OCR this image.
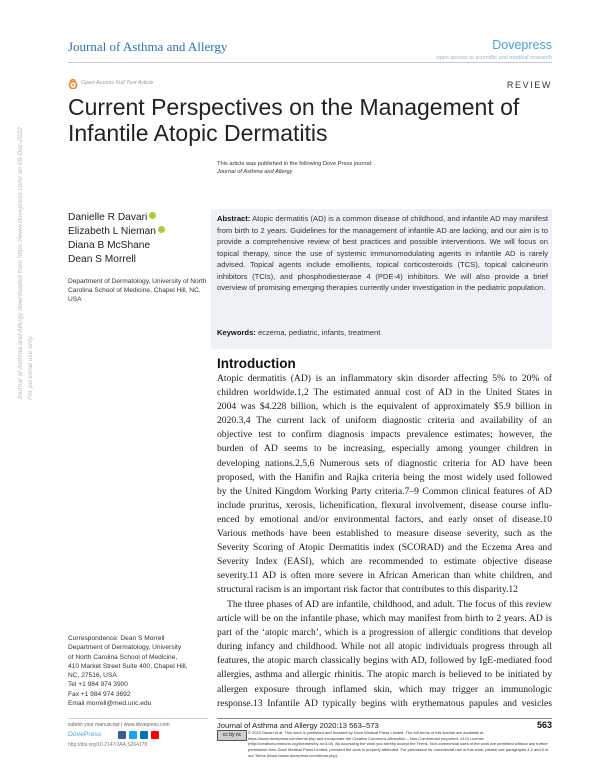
Journal of Asthma and Allergy	Dovepress
open access to scientific and medical research
Open Access Full Text Article	REVIEW
Current Perspectives on the Management of Infantile Atopic Dermatitis
This article was published in the following Dove Press journal:
Journal of Asthma and Allergy
Journal of Asthma and Allergy downloaded from https://www.dovepress.com/ on 09-Dec-2022 For personal use only.
Danielle R Davari
Elizabeth L Nieman
Diana B McShane
Dean S Morrell
Department of Dermatology, University of North Carolina School of Medicine, Chapel Hill, NC, USA
Abstract: Atopic dermatitis (AD) is a common disease of childhood, and infantile AD may manifest from birth to 2 years. Guidelines for the management of infantile AD are lacking, and our aim is to provide a comprehensive review of best practices and possible interventions. We will focus on topical therapy, since the use of systemic immunomodulating agents in infantile AD is rarely advised. Topical agents include emollients, topical corticosteroids (TCS), topical calcineurin inhibitors (TCIs), and phosphodiesterase 4 (PDE-4) inhibitors. We will also provide a brief overview of promising emerging therapies currently under investigation in the pediatric population.
Keywords: eczema, pediatric, infants, treatment
Introduction

Atopic dermatitis (AD) is an inflammatory skin disorder affecting 5% to 20% of
children worldwide.1,2 The estimated annual cost of AD in the United States in
2004 was $4.228 billion, which is the equivalent of approximately $5.9 billion in
2020.3,4 The current lack of uniform diagnostic criteria and availability of an
objective test to confirm diagnosis impacts prevalence estimates; however, the
burden of AD seems to be increasing, especially among younger children in
developing nations.2,5,6 Numerous sets of diagnostic criteria for AD have been
proposed, with the Hanifin and Rajka criteria being the most widely used followed
by the United Kingdom Working Party criteria.7–9 Common clinical features of AD
include pruritus, xerosis, lichenification, flexural involvement, disease course influ-
enced by emotional and/or environmental factors, and early onset of disease.10
Various methods have been established to measure disease severity, such as the
Severity Scoring of Atopic Dermatitis index (SCORAD) and the Eczema Area and
Severity Index (EASI), which are recommended to estimate objective disease
severity.11 AD is often more severe in African American than white children, and
structural racism is an important risk factor that contributes to this disparity.12

The three phases of AD are infantile, childhood, and adult. The focus of this review
article will be on the infantile phase, which may manifest from birth to 2 years. AD is
part of the ‘atopic march’, which is a progression of allergic conditions that develop
during infancy and childhood. While not all atopic individuals progress through all
features, the atopic march classically begins with AD, followed by IgE-mediated food
allergies, asthma and allergic rhinitis. The atopic march is believed to be initiated by
allergen exposure through inflamed skin, which may trigger an immunologic
response.13 Infantile AD typically begins with erythematous papules and vesicles

Correspondence: Dean S Morrell
Department of Dermatology, University
of North Carolina School of Medicine,
410 Market Street Suite 400, Chapel Hill,
NC, 27516, USA
Tel +1 984 974 3900
Fax +1 984 974 3692
Email morrell@med.unc.edu
submit your manuscript | www.dovepress.com
DovePress
http://doi.org/10.2147/JAA.S264178
Journal of Asthma and Allergy 2020:13 563–573	563
cc by nc	© 2020 Davari et al. This work is published and licensed by Dove Medical Press Limited. The full terms of this license are available at https://www.dovepress.com/terms.php and incorporate the Creative Commons Attribution – Non Commercial (unported, v3.0) License (http://creativecommons.org/licenses/by-nc/3.0/). By accessing the work you hereby accept the Terms. Non-commercial uses of the work are permitted without any further permission from Dove Medical Press Limited, provided the work is properly attributed. For permission for commercial use of this work, please see paragraphs 4.2 and 5 of our Terms (https://www.dovepress.com/terms.php).
